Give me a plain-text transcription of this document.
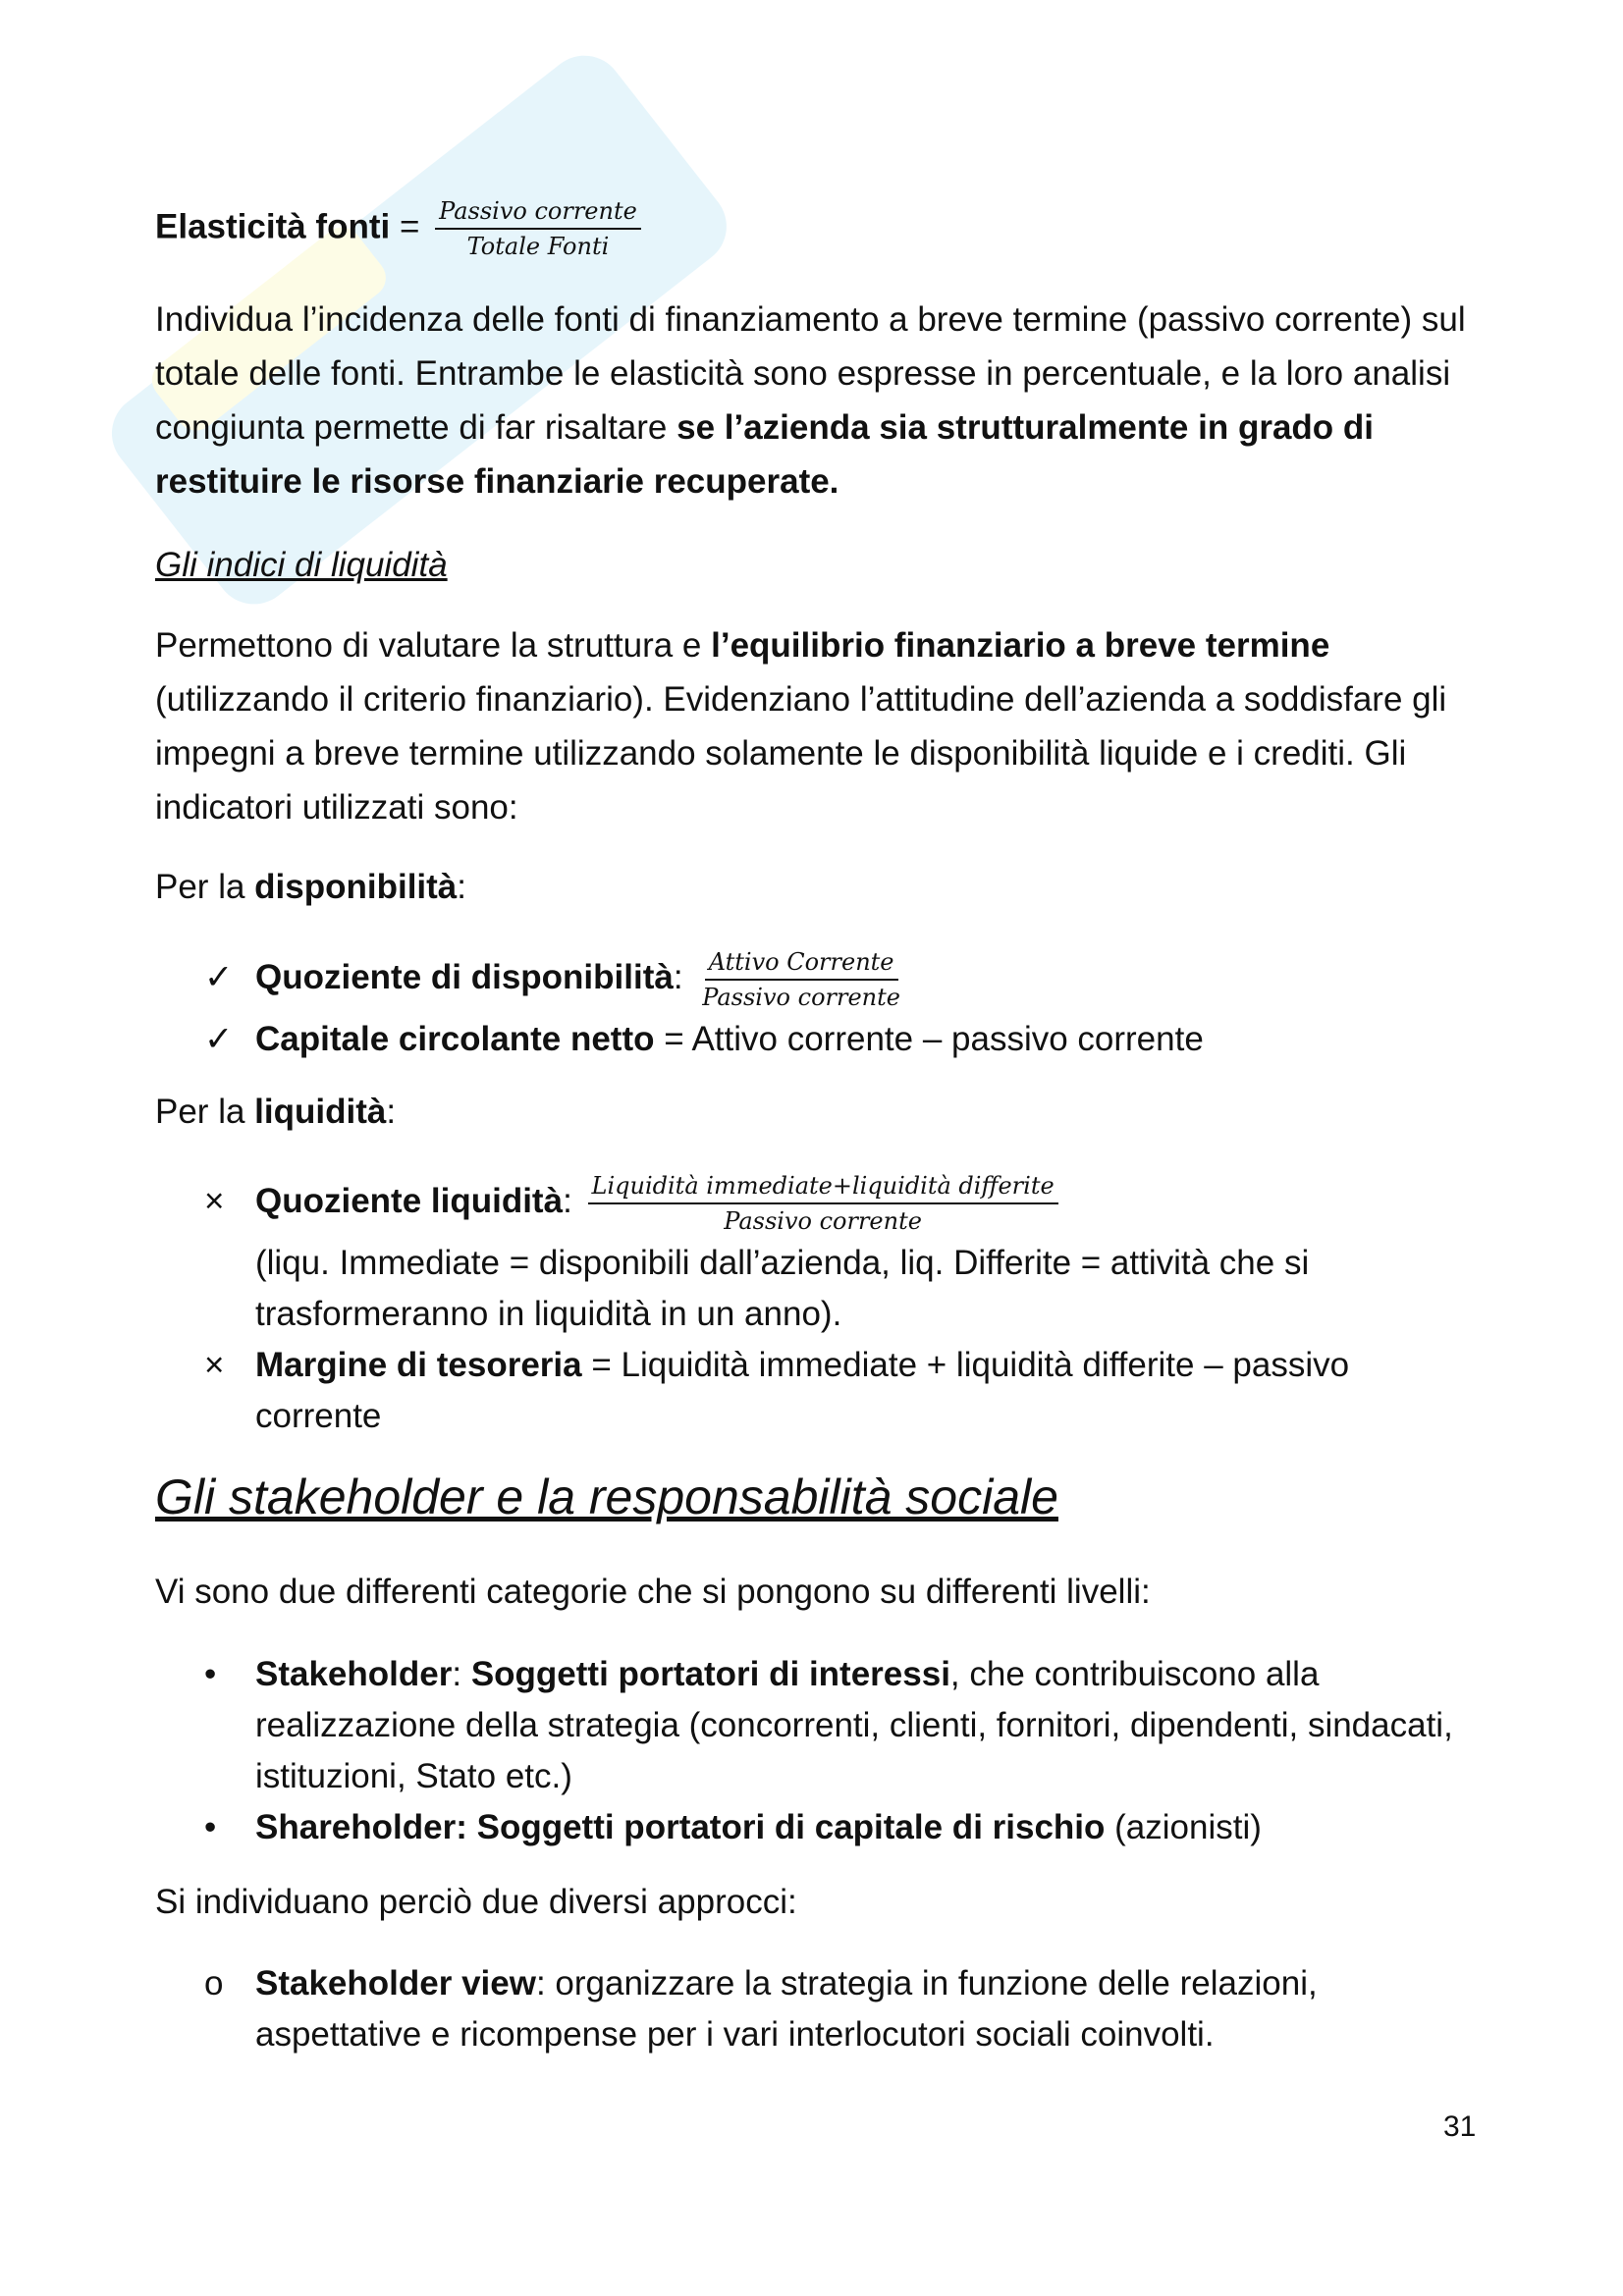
Elasticità fonti = $\frac{\text{Passivo corrente}}{\text{Totale Fonti}}$
Individua l’incidenza delle fonti di finanziamento a breve termine (passivo corrente) sul totale delle fonti. Entrambe le elasticità sono espresse in percentuale, e la loro analisi congiunta permette di far risaltare se l’azienda sia strutturalmente in grado di restituire le risorse finanziarie recuperate.
Gli indici di liquidità
Permettono di valutare la struttura e l’equilibrio finanziario a breve termine (utilizzando il criterio finanziario). Evidenziano l’attitudine dell’azienda a soddisfare gli impegni a breve termine utilizzando solamente le disponibilità liquide e i crediti. Gli indicatori utilizzati sono:
Per la disponibilità:
✓ Quoziente di disponibilità: $\frac{\text{Attivo Corrente}}{\text{Passivo corrente}}$
✓ Capitale circolante netto = Attivo corrente – passivo corrente
Per la liquidità:
× Quoziente liquidità: $\frac{\text{Liquidità immediate+liquidità differite}}{\text{Passivo corrente}}$
(liqu. Immediate = disponibili dall’azienda, liq. Differite = attività che si trasformeranno in liquidità in un anno).
× Margine di tesoreria = Liquidità immediate + liquidità differite – passivo corrente
Gli stakeholder e la responsabilità sociale
Vi sono due differenti categorie che si pongono su differenti livelli:
•	Stakeholder: Soggetti portatori di interessi, che contribuiscono alla realizzazione della strategia (concorrenti, clienti, fornitori, dipendenti, sindacati, istituzioni, Stato etc.)
•	Shareholder: Soggetti portatori di capitale di rischio (azionisti)
Si individuano perciò due diversi approcci:
o Stakeholder view: organizzare la strategia in funzione delle relazioni, aspettative e ricompense per i vari interlocutori sociali coinvolti.
31
